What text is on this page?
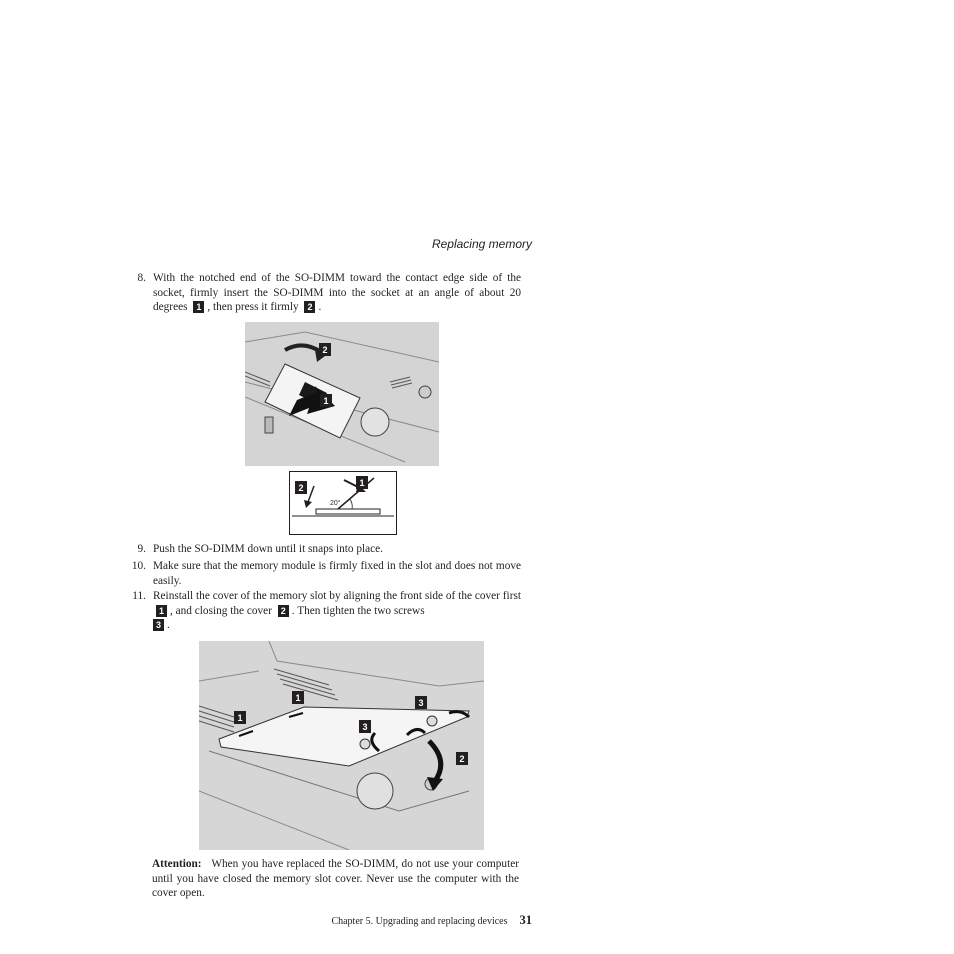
Replacing memory
8. With the notched end of the SO-DIMM toward the contact edge side of the socket, firmly insert the SO-DIMM into the socket at an angle of about 20 degrees 1 , then press it firmly 2 .
2
1
20°
1
2
9. Push the SO-DIMM down until it snaps into place.
10. Make sure that the memory module is firmly fixed in the slot and does not move easily.
11. Reinstall the cover of the memory slot by aligning the front side of the cover first 1 , and closing the cover 2 . Then tighten the two screws
3 .
1
1
3
3
2
Attention: When you have replaced the SO-DIMM, do not use your computer until you have closed the memory slot cover. Never use the computer with the cover open.
Chapter 5. Upgrading and replacing devices 31
